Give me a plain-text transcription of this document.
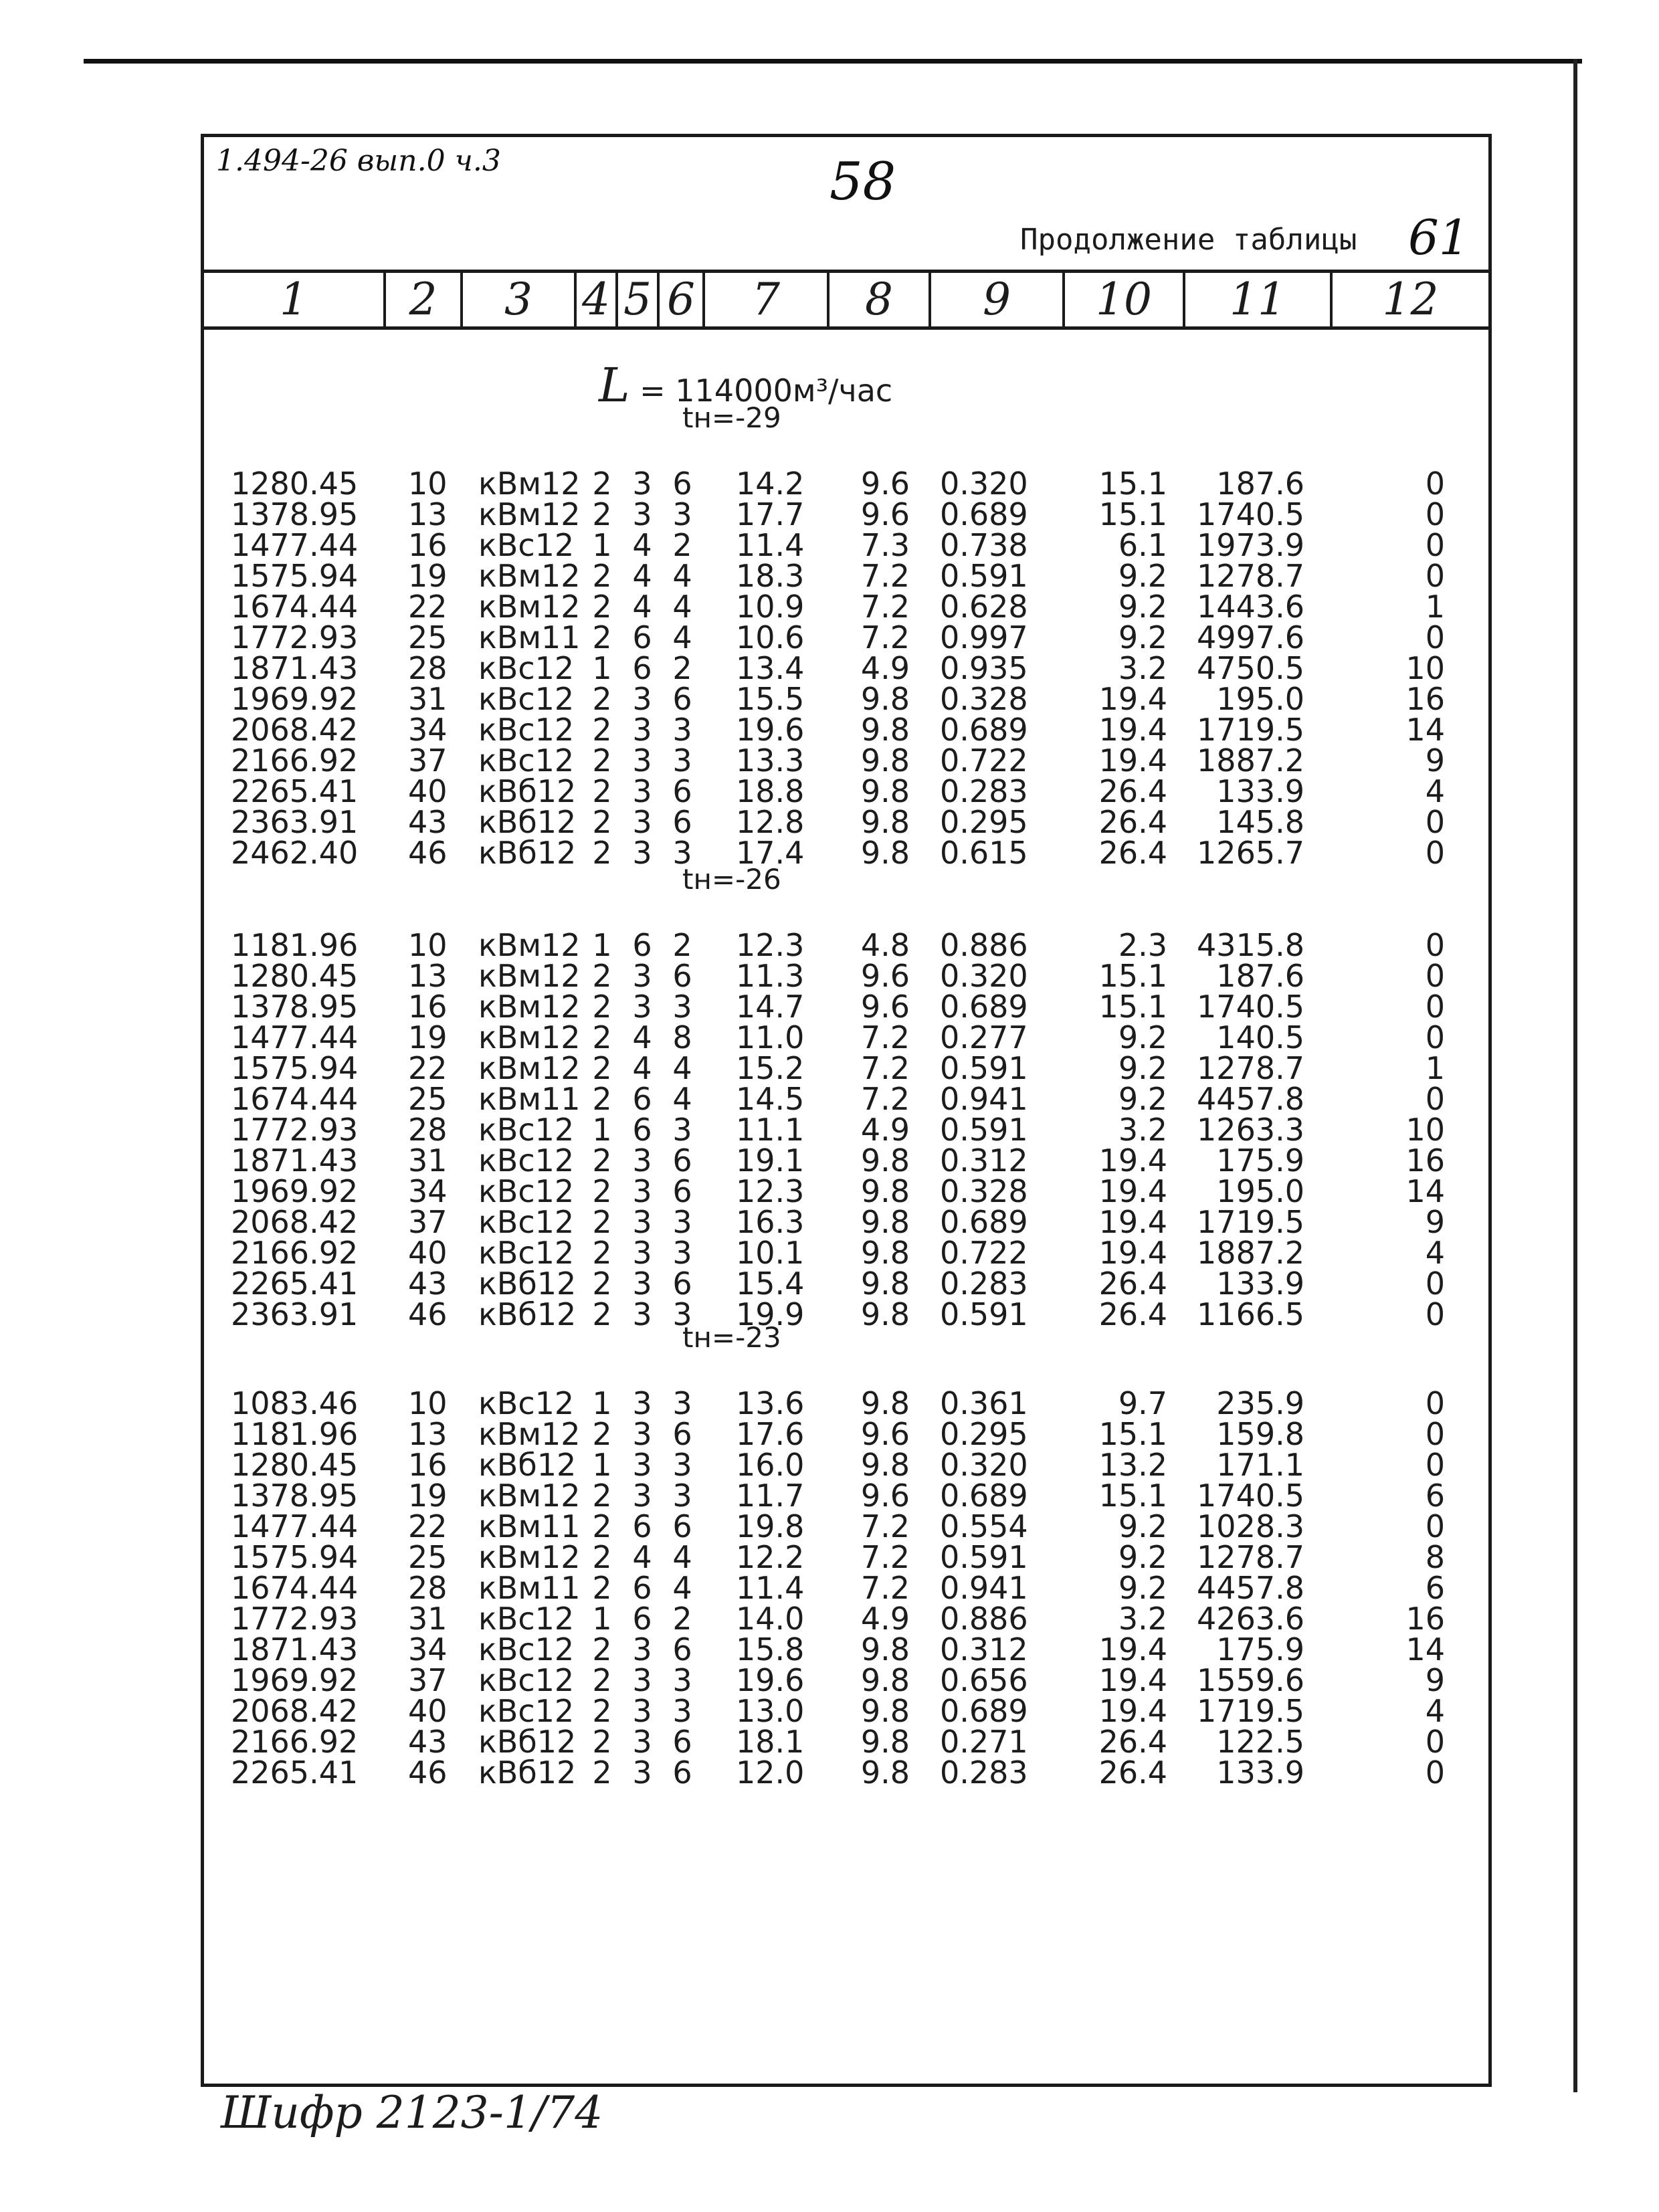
1.494-26 вып.0 ч.3	58
Продолжение таблицы 61
1	2	3	4 5 6	7	8	9	10	11	12
L = 114000м³/час
tн=-29
1280.45 10 кBм12 2 3 6 14.2	9.6 0.320	15.1	187.6	0
1378.95 13 кBм12 2 3 3 17.7	9.6 0.689	15.1 1740.5	0
1477.44 16 кBc12 1 4 2 11.4	7.3 0.738	6.1 1973.9	0
1575.94 19 кBм12 2 4 4 18.3	7.2 0.591	9.2 1278.7	0
1674.44 22 кBм12 2 4 4 10.9	7.2 0.628	9.2 1443.6	1
1772.93 25 кBм11 2 6 4 10.6	7.2 0.997	9.2 4997.6	0
1871.43 28 кBc12 1 6 2 13.4	4.9 0.935	3.2 4750.5	10
1969.92 31 кBc12 2 3 6 15.5	9.8 0.328	19.4	195.0	16
2068.42 34 кBc12 2 3 3 19.6	9.8 0.689	19.4 1719.5	14
2166.92 37 кBc12 2 3 3 13.3	9.8 0.722	19.4 1887.2	9
2265.41 40 кBб12 2 3 6 18.8	9.8 0.283	26.4	133.9	4
2363.91 43 кBб12 2 3 6 12.8	9.8 0.295	26.4	145.8	0
2462.40 46 кBб12 2 3 3 17.4	9.8 0.615	26.4 1265.7	0
tн=-26
1181.96 10 кBм12 1 6 2 12.3	4.8 0.886	2.3 4315.8	0
1280.45 13 кBм12 2 3 6 11.3	9.6 0.320	15.1	187.6	0
1378.95 16 кBм12 2 3 3 14.7	9.6 0.689	15.1 1740.5	0
1477.44 19 кBм12 2 4 8 11.0	7.2 0.277	9.2	140.5	0
1575.94 22 кBм12 2 4 4 15.2	7.2 0.591	9.2 1278.7	1
1674.44 25 кBм11 2 6 4 14.5	7.2 0.941	9.2 4457.8	0
1772.93 28 кBc12 1 6 3 11.1	4.9 0.591	3.2 1263.3	10
1871.43 31 кBc12 2 3 6 19.1	9.8 0.312	19.4	175.9	16
1969.92 34 кBc12 2 3 6 12.3	9.8 0.328	19.4	195.0	14
2068.42 37 кBc12 2 3 3 16.3	9.8 0.689	19.4 1719.5	9
2166.92 40 кBc12 2 3 3 10.1	9.8 0.722	19.4 1887.2	4
2265.41 43 кBб12 2 3 6 15.4	9.8 0.283	26.4	133.9	0
2363.91 46 кBб12 2 3 3 19.9	9.8 0.591	26.4 1166.5	0
tн=-23
1083.46 10 кBc12 1 3 3 13.6	9.8 0.361	9.7	235.9	0
1181.96 13 кBм12 2 3 6 17.6	9.6 0.295	15.1	159.8	0
1280.45 16 кBб12 1 3 3 16.0	9.8 0.320	13.2	171.1	0
1378.95 19 кBм12 2 3 3 11.7	9.6 0.689	15.1 1740.5	6
1477.44 22 кBм11 2 6 6 19.8	7.2 0.554	9.2 1028.3	0
1575.94 25 кBм12 2 4 4 12.2	7.2 0.591	9.2 1278.7	8
1674.44 28 кBм11 2 6 4 11.4	7.2 0.941	9.2 4457.8	6
1772.93 31 кBc12 1 6 2 14.0	4.9 0.886	3.2 4263.6	16
1871.43 34 кBc12 2 3 6 15.8	9.8 0.312	19.4	175.9	14
1969.92 37 кBc12 2 3 3 19.6	9.8 0.656	19.4 1559.6	9
2068.42 40 кBc12 2 3 3 13.0	9.8 0.689	19.4 1719.5	4
2166.92 43 кBб12 2 3 6 18.1	9.8 0.271	26.4	122.5	0
2265.41 46 кBб12 2 3 6 12.0	9.8 0.283	26.4	133.9	0
Шифр 2123-1/74
